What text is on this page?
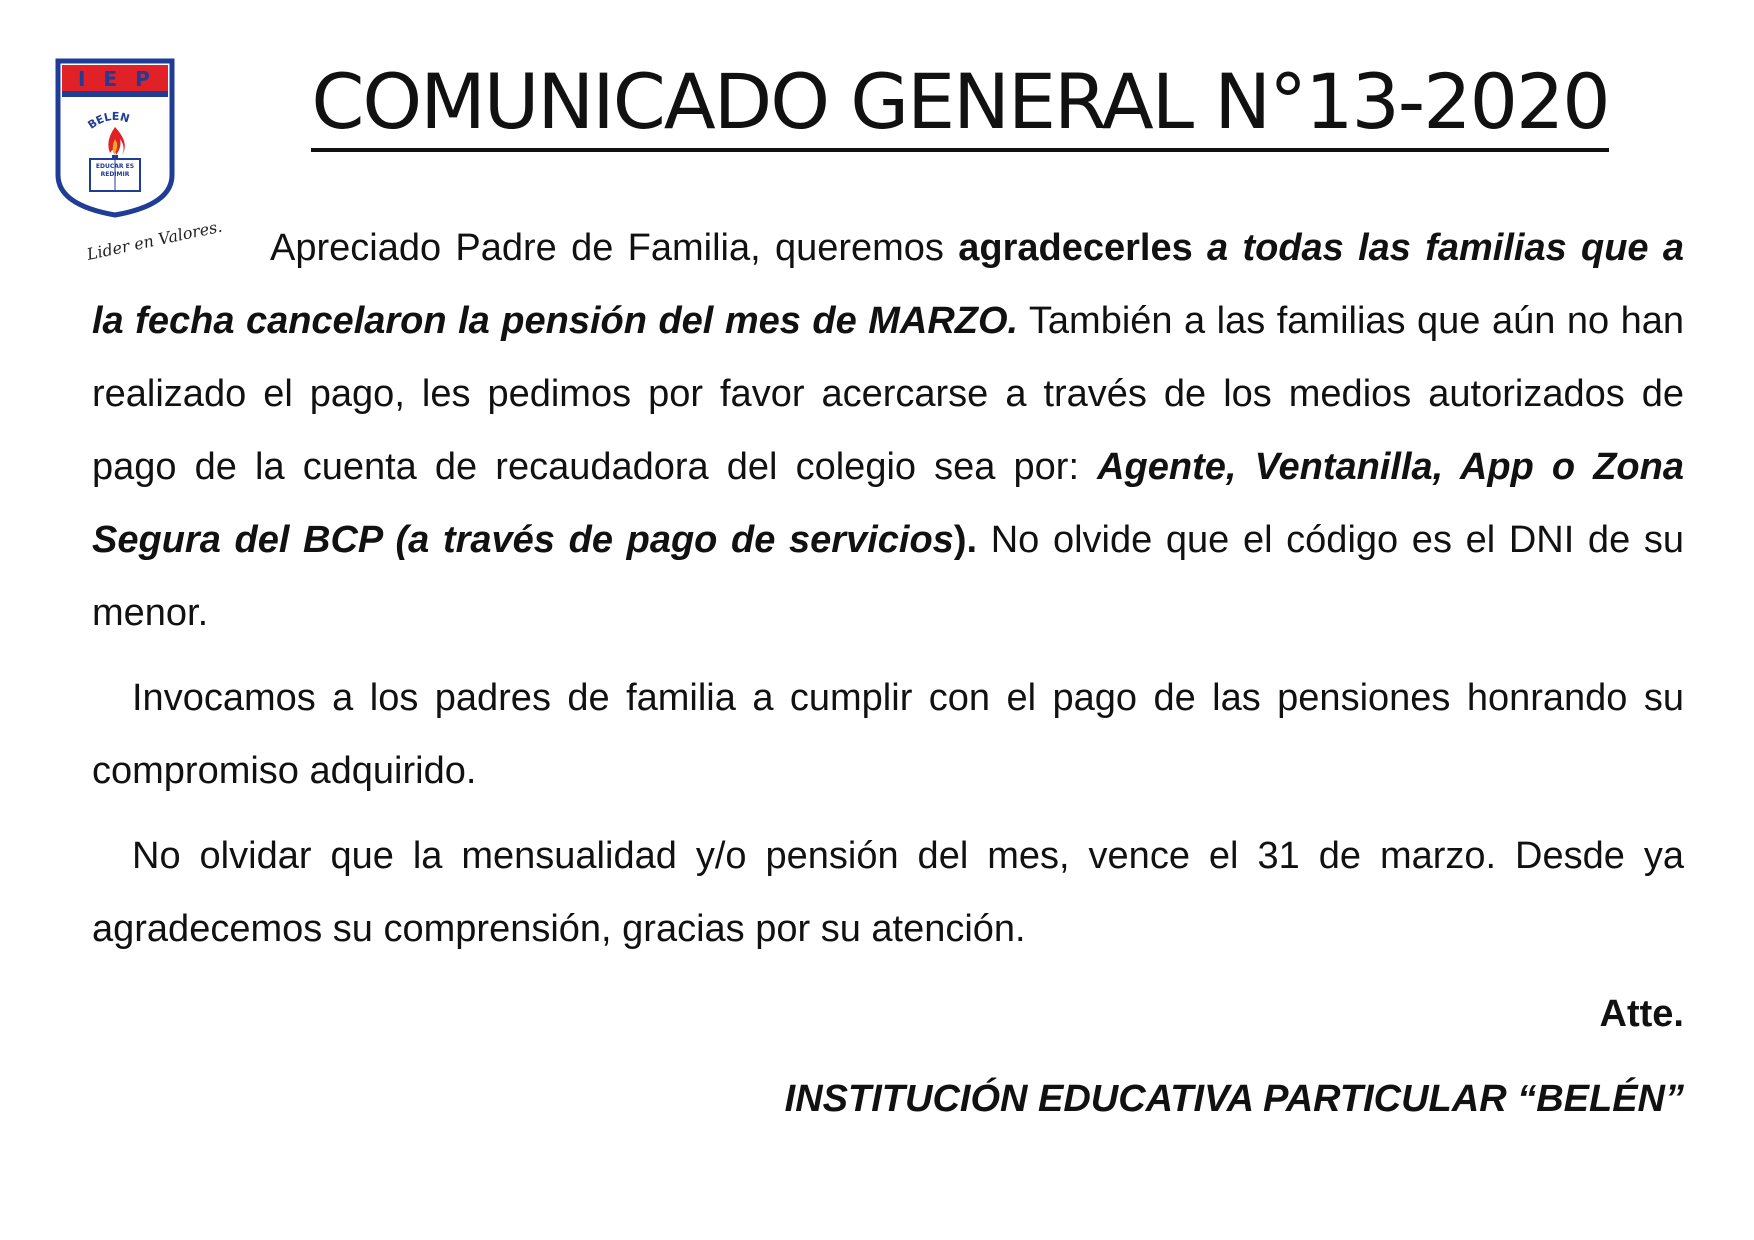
IEP
BELEN
EDUCAR ES REDIMIR
Lider en Valores.
COMUNICADO GENERAL N°13-2020

Apreciado Padre de Familia, queremos agradecerles a todas las familias que a la fecha cancelaron la pensión del mes de MARZO. También a las familias que aún no han realizado el pago, les pedimos por favor acercarse a través de los medios autorizados de pago de la cuenta de recaudadora del colegio sea por: Agente, Ventanilla, App o Zona Segura del BCP (a través de pago de servicios). No olvide que el código es el DNI de su menor.

Invocamos a los padres de familia a cumplir con el pago de las pensiones honrando su compromiso adquirido.

No olvidar que la mensualidad y/o pensión del mes, vence el 31 de marzo. Desde ya agradecemos su comprensión, gracias por su atención.

Atte.

INSTITUCIÓN EDUCATIVA PARTICULAR “BELÉN”
